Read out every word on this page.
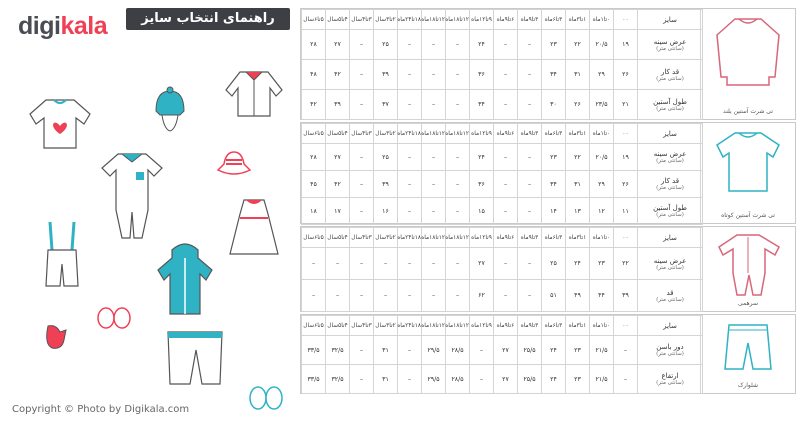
digikala	راهنمای انتخاب سایز آدمک
Copyright © Photo by Digikala.com
۵تا۶سال	۴تا۵سال	۳تا۴سال	۲تا۳سال	۱۸تا۲۴ماه	۱۲تا۱۸ماه	۱۲تا۱۸ماه	۹تا۱۲ماه	۶تا۹ماه	۳تا۹ماه	۳تا۶ماه	۱تا۳ماه	۰تا۱ماه	۰۰	سایز
۲۸	۲۷	–	۲۵	–	–	–	۲۴	–	–	۲۳	۲۲	۲۰/۵	۱۹	عرض سینه
(سانتی متر)

۴۸	۴۲	–	۳۹	–	–	–	۳۶	–	–	۳۴	۳۱	۲۹	۲۶	قد کار
(سانتی متر)

۴۲	۳۹	–	۳۷	–	–	–	۳۴	–	–	۳۰	۲۶	۲۳/۵	۲۱	طول آستین
(سانتی متر)	تی شرت آستین بلند
۵تا۶سال	۴تا۵سال	۳تا۴سال	۲تا۳سال	۱۸تا۲۴ماه	۱۲تا۱۸ماه	۱۲تا۱۸ماه	۹تا۱۲ماه	۶تا۹ماه	۳تا۹ماه	۳تا۶ماه	۱تا۳ماه	۰تا۱ماه	۰۰	سایز
۲۸	۲۷	–	۲۵	–	–	–	۲۴	–	–	۲۳	۲۲	۲۰/۵	۱۹	عرض سینه
(سانتی متر)

۴۵	۴۲	–	۳۹	–	–	–	۳۶	–	–	۳۴	۳۱	۲۹	۲۶	قد کار
(سانتی متر)

۱۸	۱۷	–	۱۶	–	–	–	۱۵	–	–	۱۴	۱۳	۱۲	۱۱	طول آستین
(سانتی متر)	تی شرت آستین کوتاه
۵تا۶سال	۴تا۵سال	۳تا۴سال	۲تا۳سال	۱۸تا۲۴ماه	۱۲تا۱۸ماه	۱۲تا۱۸ماه	۹تا۱۲ماه	۶تا۹ماه	۳تا۹ماه	۳تا۶ماه	۱تا۳ماه	۰تا۱ماه	۰۰	سایز
–	–	–	–	–	–	–	۲۷	–	–	۲۵	۲۴	۲۳	۲۲	عرض سینه
(سانتی متر)

–	–	–	–	–	–	–	۶۲	–	–	۵۱	۴۹	۴۴	۳۹	قد
(سانتی متر)
سرهمی
۵تا۶سال	۴تا۵سال	۳تا۴سال	۲تا۳سال	۱۸تا۲۴ماه	۱۲تا۱۸ماه	۱۲تا۱۸ماه	۹تا۱۲ماه	۶تا۹ماه	۳تا۹ماه	۳تا۶ماه	۱تا۳ماه	۰تا۱ماه	۰۰	سایز
۳۳/۵	۳۲/۵	–	۳۱	–	۲۹/۵	۲۸/۵	–	۲۷	۲۵/۵	۲۴	۲۳	۲۱/۵	–	دور باسن
(سانتی متر)

۳۳/۵	۳۲/۵	–	۳۱	–	۲۹/۵	۲۸/۵	–	۲۷	۲۵/۵	۲۴	۲۳	۲۱/۵	–	ارتفاع
(سانتی متر)	شلوارک
